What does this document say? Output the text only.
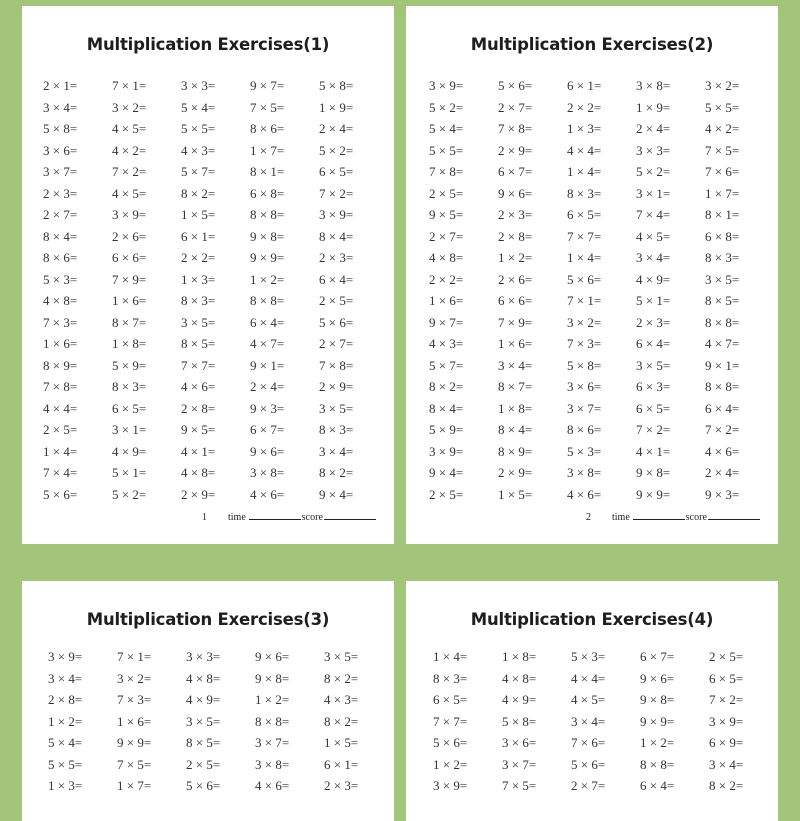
Multiplication Exercises(1)
2 × 1=	7 × 1=	3 × 3=	9 × 7=	5 × 8=
3 × 4=	3 × 2=	5 × 4=	7 × 5=	1 × 9=
5 × 8=	4 × 5=	5 × 5=	8 × 6=	2 × 4=
3 × 6=	4 × 2=	4 × 3=	1 × 7=	5 × 2=
3 × 7=	7 × 2=	5 × 7=	8 × 1=	6 × 5=
2 × 3=	4 × 5=	8 × 2=	6 × 8=	7 × 2=
2 × 7=	3 × 9=	1 × 5=	8 × 8=	3 × 9=
8 × 4=	2 × 6=	6 × 1=	9 × 8=	8 × 4=
8 × 6=	6 × 6=	2 × 2=	9 × 9=	2 × 3=
5 × 3=	7 × 9=	1 × 3=	1 × 2=	6 × 4=
4 × 8=	1 × 6=	8 × 3=	8 × 8=	2 × 5=
7 × 3=	8 × 7=	3 × 5=	6 × 4=	5 × 6=
1 × 6=	1 × 8=	8 × 5=	4 × 7=	2 × 7=
8 × 9=	5 × 9=	7 × 7=	9 × 1=	7 × 8=
7 × 8=	8 × 3=	4 × 6=	2 × 4=	2 × 9=
4 × 4=	6 × 5=	2 × 8=	9 × 3=	3 × 5=
2 × 5=	3 × 1=	9 × 5=	6 × 7=	8 × 3=
1 × 4=	4 × 9=	4 × 1=	9 × 6=	3 × 4=
7 × 4=	5 × 1=	4 × 8=	3 × 8=	8 × 2=
5 × 6=	5 × 2=	2 × 9=	4 × 6=	9 × 4=
1 time	score
Multiplication Exercises(2)
3 × 9=	5 × 6=	6 × 1=	3 × 8=	3 × 2=
5 × 2=	2 × 7=	2 × 2=	1 × 9=	5 × 5=
5 × 4=	7 × 8=	1 × 3=	2 × 4=	4 × 2=
5 × 5=	2 × 9=	4 × 4=	3 × 3=	7 × 5=
7 × 8=	6 × 7=	1 × 4=	5 × 2=	7 × 6=
2 × 5=	9 × 6=	8 × 3=	3 × 1=	1 × 7=
9 × 5=	2 × 3=	6 × 5=	7 × 4=	8 × 1=
2 × 7=	2 × 8=	7 × 7=	4 × 5=	6 × 8=
4 × 8=	1 × 2=	1 × 4=	3 × 4=	8 × 3=
2 × 2=	2 × 6=	5 × 6=	4 × 9=	3 × 5=
1 × 6=	6 × 6=	7 × 1=	5 × 1=	8 × 5=
9 × 7=	7 × 9=	3 × 2=	2 × 3=	8 × 8=
4 × 3=	1 × 6=	7 × 3=	6 × 4=	4 × 7=
5 × 7=	3 × 4=	5 × 8=	3 × 5=	9 × 1=
8 × 2=	8 × 7=	3 × 6=	6 × 3=	8 × 8=
8 × 4=	1 × 8=	3 × 7=	6 × 5=	6 × 4=
5 × 9=	8 × 4=	8 × 6=	7 × 2=	7 × 2=
3 × 9=	8 × 9=	5 × 3=	4 × 1=	4 × 6=
9 × 4=	2 × 9=	3 × 8=	9 × 8=	2 × 4=
2 × 5=	1 × 5=	4 × 6=	9 × 9=	9 × 3=
2 time	score
Multiplication Exercises(3)
3 × 9=	7 × 1=	3 × 3=	9 × 6=	3 × 5=
3 × 4=	3 × 2=	4 × 8=	9 × 8=	8 × 2=
2 × 8=	7 × 3=	4 × 9=	1 × 2=	4 × 3=
1 × 2=	1 × 6=	3 × 5=	8 × 8=	8 × 2=
5 × 4=	9 × 9=	8 × 5=	3 × 7=	1 × 5=
5 × 5=	7 × 5=	2 × 5=	3 × 8=	6 × 1=
1 × 3=	1 × 7=	5 × 6=	4 × 6=	2 × 3=
Multiplication Exercises(4)
1 × 4=	1 × 8=	5 × 3=	6 × 7=	2 × 5=
8 × 3=	4 × 8=	4 × 4=	9 × 6=	6 × 5=
6 × 5=	4 × 9=	4 × 5=	9 × 8=	7 × 2=
7 × 7=	5 × 8=	3 × 4=	9 × 9=	3 × 9=
5 × 6=	3 × 6=	7 × 6=	1 × 2=	6 × 9=
1 × 2=	3 × 7=	5 × 6=	8 × 8=	3 × 4=
3 × 9=	7 × 5=	2 × 7=	6 × 4=	8 × 2=
